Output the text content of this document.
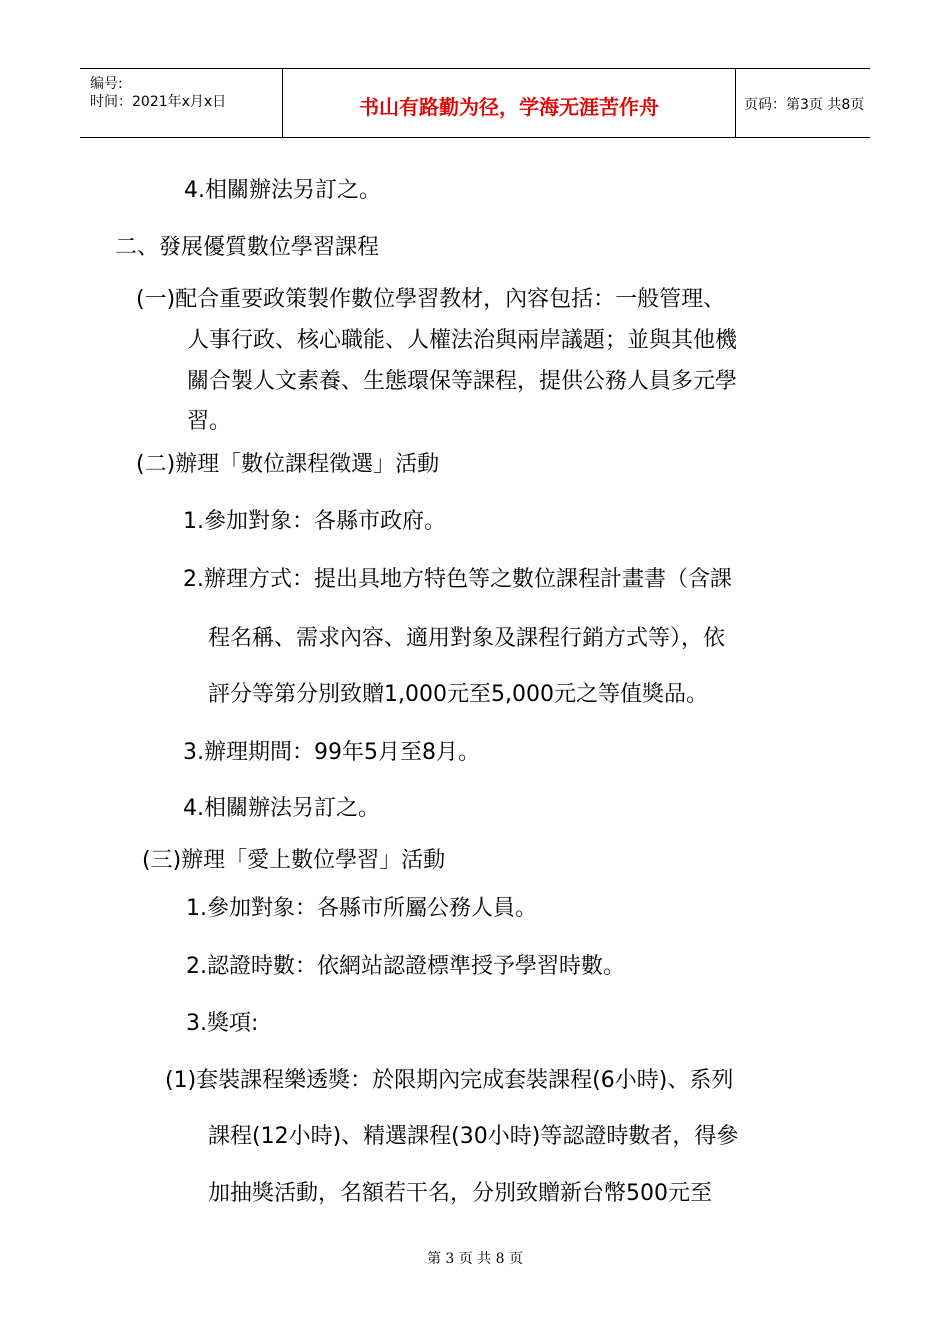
编号:
时间：2021年x月x日	书山有路勤为径，学海无涯苦作舟	页码：第3页 共8页
4.相關辦法另訂之。
二、發展優質數位學習課程
(一)配合重要政策製作數位學習教材，內容包括：一般管理、
人事行政、核心職能、人權法治與兩岸議題；並與其他機
關合製人文素養、生態環保等課程，提供公務人員多元學
習。
(二)辦理「數位課程徵選」活動
1.參加對象：各縣市政府。
2.辦理方式：提出具地方特色等之數位課程計畫書（含課
程名稱、需求內容、適用對象及課程行銷方式等），依
評分等第分別致贈1,000元至5,000元之等值獎品。
3.辦理期間：99年5月至8月。
4.相關辦法另訂之。
(三)辦理「愛上數位學習」活動
1.參加對象：各縣市所屬公務人員。
2.認證時數：依網站認證標準授予學習時數。
3.獎項:
(1)套裝課程樂透獎：於限期內完成套裝課程(6小時)、系列
課程(12小時)、精選課程(30小時)等認證時數者，得參
加抽獎活動，名額若干名，分別致贈新台幣500元至
第 3 页 共 8 页
